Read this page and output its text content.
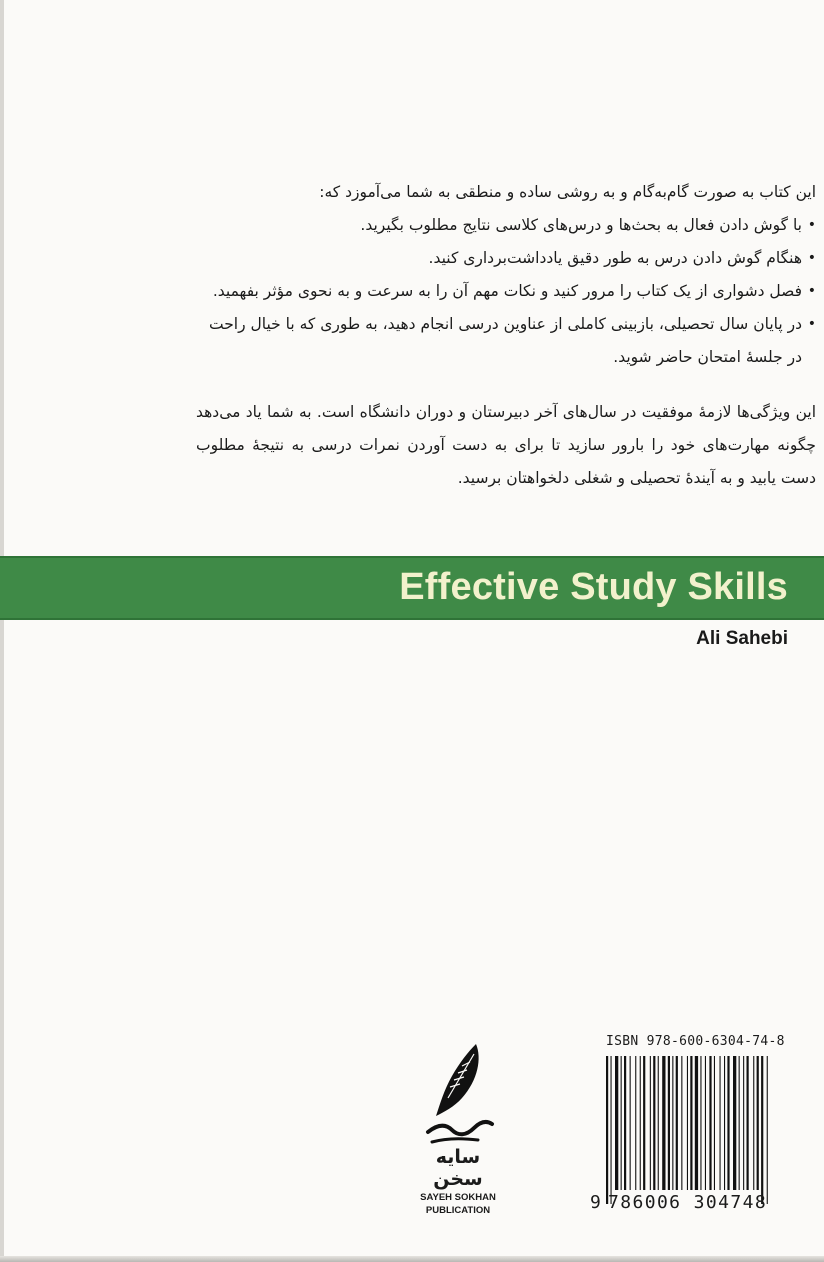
این کتاب به صورت گام‌به‌گام و به روشی ساده و منطقی به شما می‌آموزد که:

•
با گوش دادن فعال به بحث‌ها و درس‌های کلاسی نتایج مطلوب بگیرید.
•
هنگام گوش دادن درس به طور دقیق یادداشت‌برداری کنید.
•
فصل دشواری از یک کتاب را مرور کنید و نکات مهم آن را به سرعت و به نحوی مؤثر بفهمید.
•
در پایان سال تحصیلی، بازبینی کاملی از عناوین درسی انجام دهید، به طوری که با خیال راحت در جلسهٔ امتحان حاضر شوید.

این ویژگی‌ها لازمهٔ موفقیت در سال‌های آخر دبیرستان و دوران دانشگاه است. به شما یاد می‌دهد چگونه مهارت‌های خود را بارور سازید تا برای به دست آوردن نمرات درسی به نتیجهٔ مطلوب دست یابید و به آیندهٔ تحصیلی و شغلی دلخواهتان برسید.

Effective Study Skills
Ali Sahebi
سایه سخن
SAYEH SOKHAN
PUBLICATION
ISBN 978-600-6304-74-8
9 786006 304748
